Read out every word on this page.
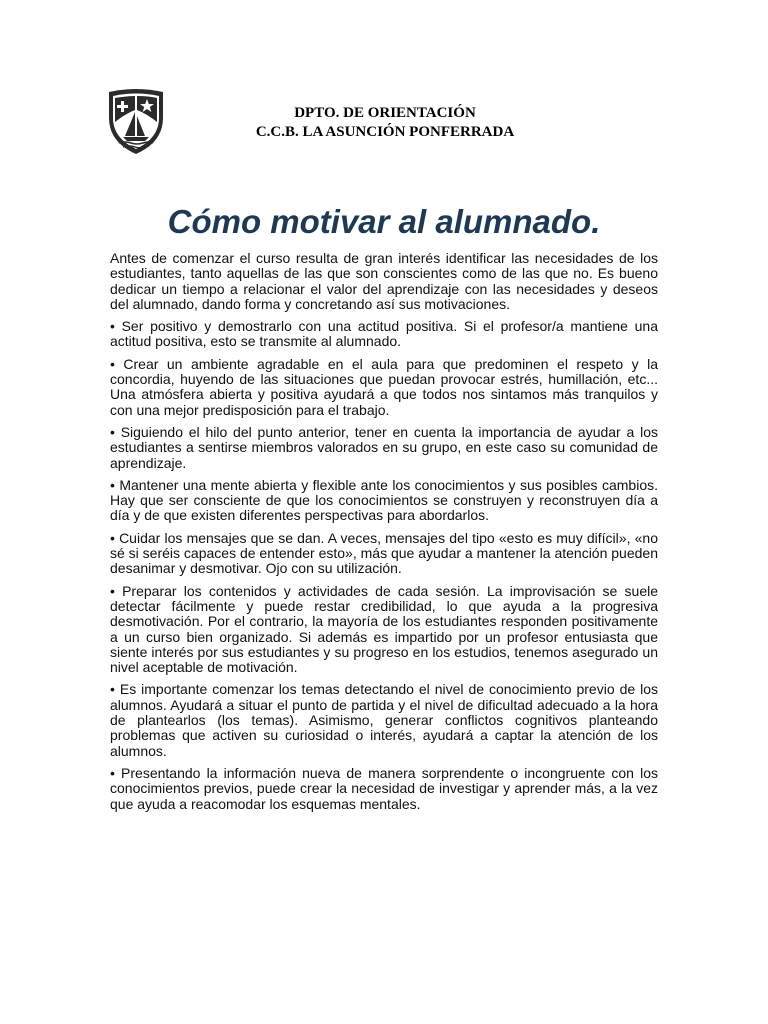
DPTO. DE ORIENTACIÓN
C.C.B. LA ASUNCIÓN PONFERRADA
Cómo motivar al alumnado.

Antes de comenzar el curso resulta de gran interés identificar las necesidades de los estudiantes, tanto aquellas de las que son conscientes como de las que no. Es bueno dedicar un tiempo a relacionar el valor del aprendizaje con las necesidades y deseos del alumnado, dando forma y concretando así sus motivaciones.

• Ser positivo y demostrarlo con una actitud positiva. Si el profesor/a mantiene una actitud positiva, esto se transmite al alumnado.

• Crear un ambiente agradable en el aula para que predominen el respeto y la concordia, huyendo de las situaciones que puedan provocar estrés, humillación, etc... Una atmósfera abierta y positiva ayudará a que todos nos sintamos más tranquilos y con una mejor predisposición para el trabajo.

• Siguiendo el hilo del punto anterior, tener en cuenta la importancia de ayudar a los estudiantes a sentirse miembros valorados en su grupo, en este caso su comunidad de aprendizaje.

• Mantener una mente abierta y flexible ante los conocimientos y sus posibles cambios. Hay que ser consciente de que los conocimientos se construyen y reconstruyen día a día y de que existen diferentes perspectivas para abordarlos.

• Cuidar los mensajes que se dan. A veces, mensajes del tipo «esto es muy difícil», «no sé si seréis capaces de entender esto», más que ayudar a mantener la atención pueden desanimar y desmotivar. Ojo con su utilización.

• Preparar los contenidos y actividades de cada sesión. La improvisación se suele detectar fácilmente y puede restar credibilidad, lo que ayuda a la progresiva desmotivación. Por el contrario, la mayoría de los estudiantes responden positivamente a un curso bien organizado. Si además es impartido por un profesor entusiasta que siente interés por sus estudiantes y su progreso en los estudios, tenemos asegurado un nivel aceptable de motivación.

• Es importante comenzar los temas detectando el nivel de conocimiento previo de los alumnos. Ayudará a situar el punto de partida y el nivel de dificultad adecuado a la hora de plantearlos (los temas). Asimismo, generar conflictos cognitivos planteando problemas que activen su curiosidad o interés, ayudará a captar la atención de los alumnos.

• Presentando la información nueva de manera sorprendente o incongruente con los conocimientos previos, puede crear la necesidad de investigar y aprender más, a la vez que ayuda a reacomodar los esquemas mentales.
